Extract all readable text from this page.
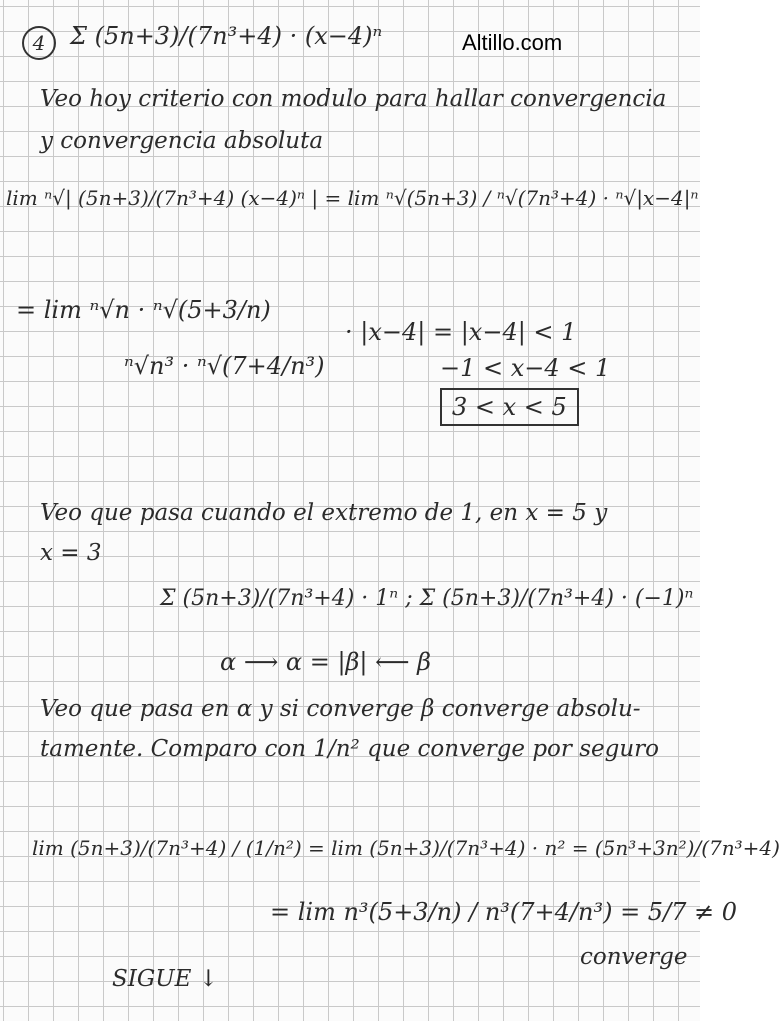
Altillo.com
4	Σ (5n+3)/(7n³+4) · (x−4)ⁿ

Veo hoy criterio con modulo para hallar convergencia

y convergencia absoluta

lim ⁿ√| (5n+3)/(7n³+4) (x−4)ⁿ | = lim ⁿ√(5n+3) / ⁿ√(7n³+4) · ⁿ√|x−4|ⁿ

= lim ⁿ√n · ⁿ√(5+3/n)

ⁿ√n³ · ⁿ√(7+4/n³)

· |x−4| = |x−4| < 1

−1 < x−4 < 1

3 < x < 5

Veo que pasa cuando el extremo de 1, en x = 5 y

x = 3

Σ (5n+3)/(7n³+4) · 1ⁿ ; Σ (5n+3)/(7n³+4) · (−1)ⁿ

α ⟶ α = |β| ⟵ β

Veo que pasa en α y si converge β converge absolu-

tamente. Comparo con 1/n² que converge por seguro

lim (5n+3)/(7n³+4) / (1/n²) = lim (5n+3)/(7n³+4) · n² = (5n³+3n²)/(7n³+4)

= lim n³(5+3/n) / n³(7+4/n³) = 5/7 ≠ 0

converge

SIGUE ↓
